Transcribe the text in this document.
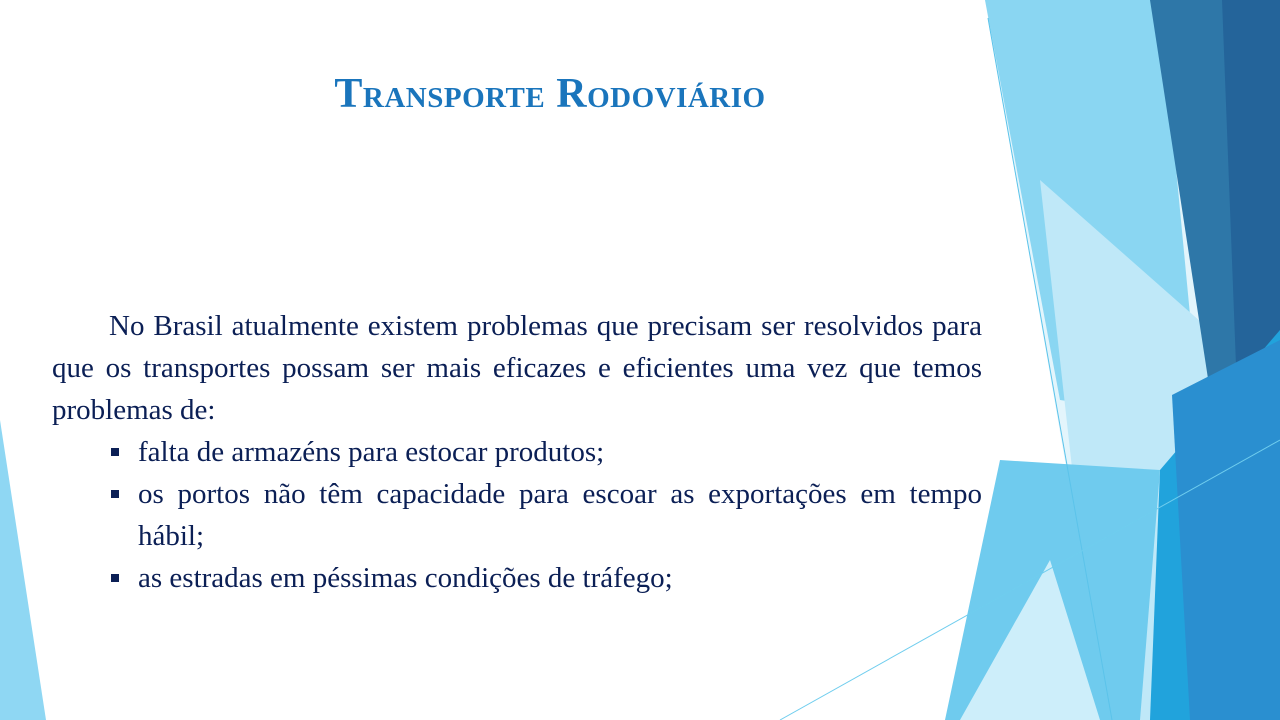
Transporte Rodoviário

No Brasil atualmente existem problemas que precisam ser resolvidos para que os transportes possam ser mais eficazes e eficientes uma vez que temos problemas de:

falta de armazéns para estocar produtos;
os portos não têm capacidade para escoar as exportações em tempo hábil;
as estradas em péssimas condições de tráfego;
